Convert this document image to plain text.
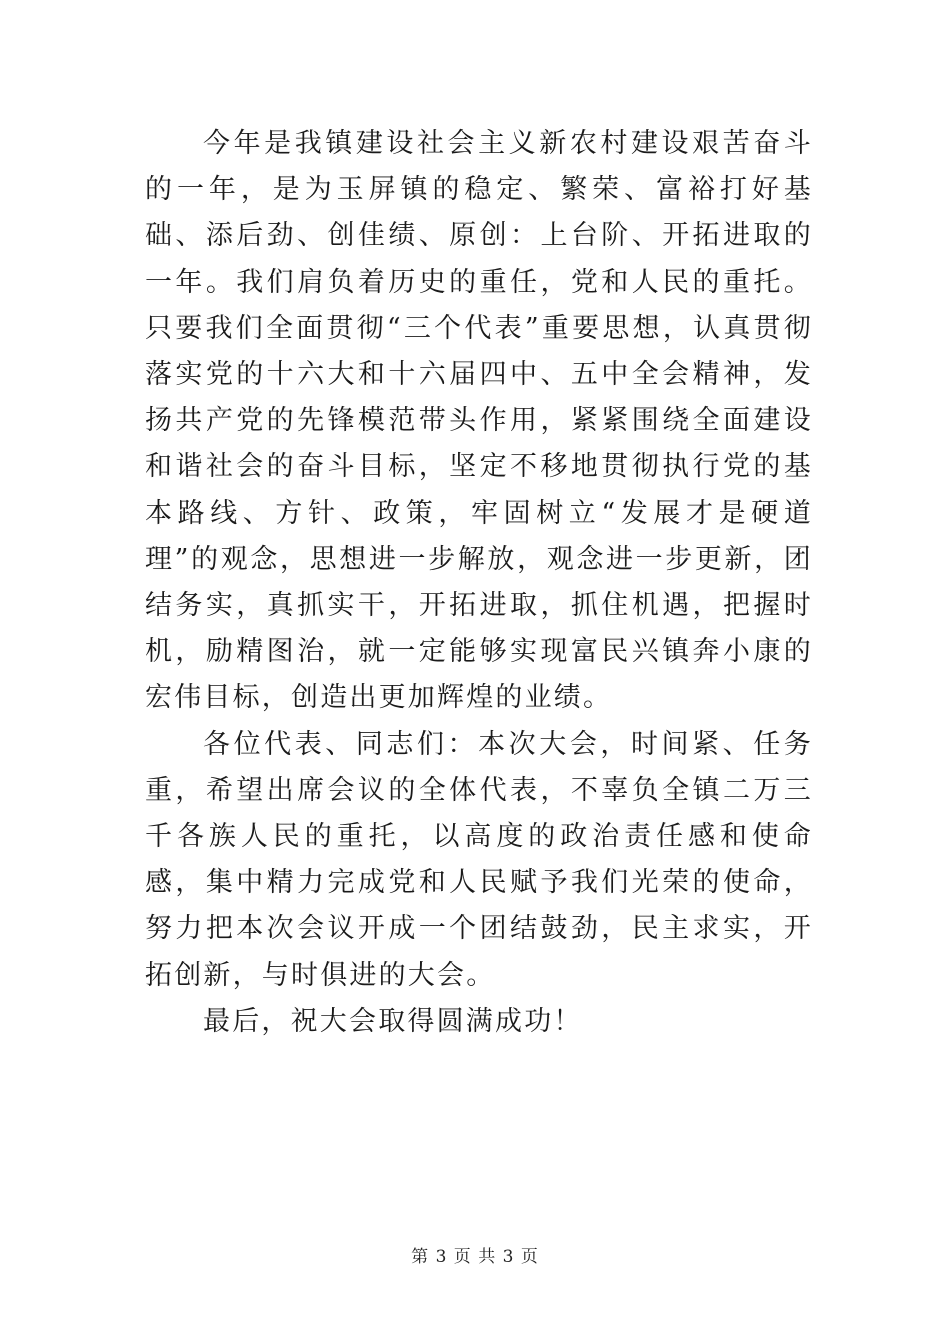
今年是我镇建设社会主义新农村建设艰苦奋斗的一年，是为玉屏镇的稳定、繁荣、富裕打好基础、添后劲、创佳绩、原创：上台阶、开拓进取的一年。我们肩负着历史的重任，党和人民的重托。只要我们全面贯彻“三个代表”重要思想，认真贯彻落实党的十六大和十六届四中、五中全会精神，发扬共产党的先锋模范带头作用，紧紧围绕全面建设和谐社会的奋斗目标，坚定不移地贯彻执行党的基本路线、方针、政策，牢固树立“发展才是硬道理”的观念，思想进一步解放，观念进一步更新，团结务实，真抓实干，开拓进取，抓住机遇，把握时机，励精图治，就一定能够实现富民兴镇奔小康的宏伟目标，创造出更加辉煌的业绩。

各位代表、同志们：本次大会，时间紧、任务重，希望出席会议的全体代表，不辜负全镇二万三千各族人民的重托，以高度的政治责任感和使命感，集中精力完成党和人民赋予我们光荣的使命，努力把本次会议开成一个团结鼓劲，民主求实，开拓创新，与时俱进的大会。

最后，祝大会取得圆满成功！

第 3 页 共 3 页
